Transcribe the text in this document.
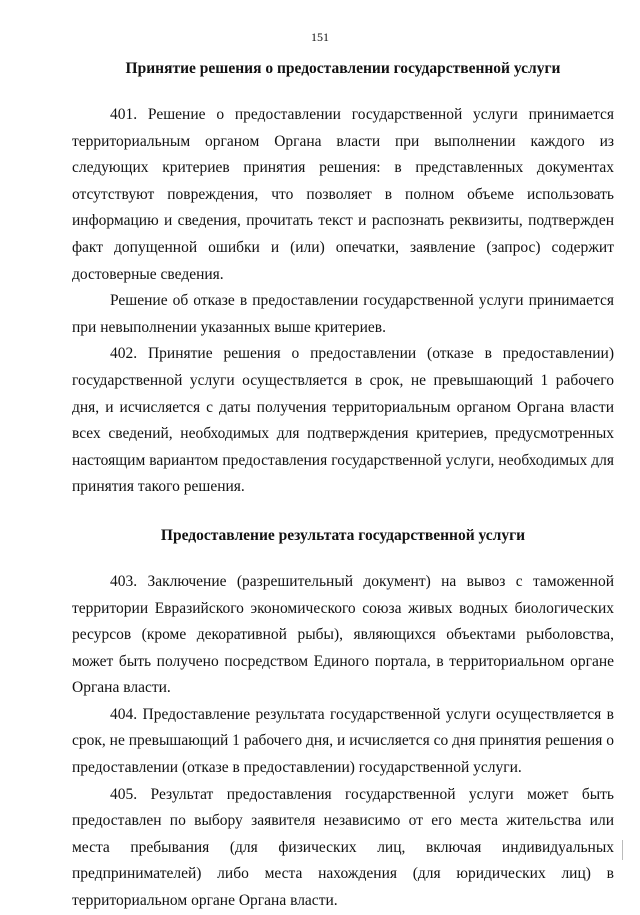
151
Принятие решения о предоставлении государственной услуги

401. Решение о предоставлении государственной услуги принимается территориальным органом Органа власти при выполнении каждого из следующих критериев принятия решения: в представленных документах отсутствуют повреждения, что позволяет в полном объеме использовать информацию и сведения, прочитать текст и распознать реквизиты, подтвержден факт допущенной ошибки и (или) опечатки, заявление (запрос) содержит достоверные сведения.

Решение об отказе в предоставлении государственной услуги принимается при невыполнении указанных выше критериев.

402. Принятие решения о предоставлении (отказе в предоставлении) государственной услуги осуществляется в срок, не превышающий 1 рабочего дня, и исчисляется с даты получения территориальным органом Органа власти всех сведений, необходимых для подтверждения критериев, предусмотренных настоящим вариантом предоставления государственной услуги, необходимых для принятия такого решения.

Предоставление результата государственной услуги

403. Заключение (разрешительный документ) на вывоз с таможенной территории Евразийского экономического союза живых водных биологических ресурсов (кроме декоративной рыбы), являющихся объектами рыболовства, может быть получено посредством Единого портала, в территориальном органе Органа власти.

404. Предоставление результата государственной услуги осуществляется в срок, не превышающий 1 рабочего дня, и исчисляется со дня принятия решения о предоставлении (отказе в предоставлении) государственной услуги.

405. Результат предоставления государственной услуги может быть предоставлен по выбору заявителя независимо от его места жительства или места пребывания (для физических лиц, включая индивидуальных предпринимателей) либо места нахождения (для юридических лиц) в территориальном органе Органа власти.
